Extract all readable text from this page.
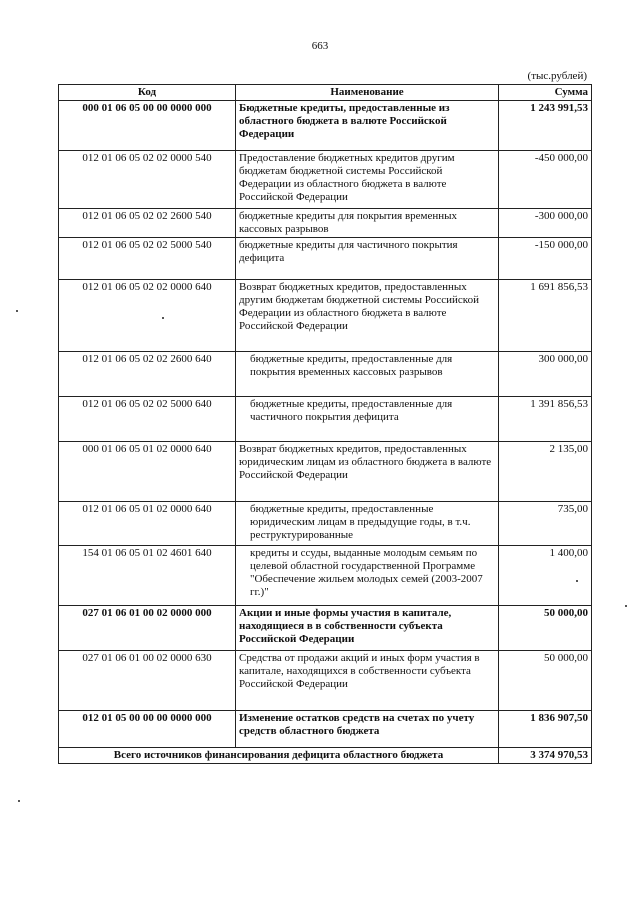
663
(тыс.рублей)
Код	Наименование	Сумма
000 01 06 05 00 00 0000 000	Бюджетные кредиты, предоставленные из областного бюджета в валюте Российской Федерации	1 243 991,53
012 01 06 05 02 02 0000 540	Предоставление бюджетных кредитов другим бюджетам бюджетной системы Российской Федерации из областного бюджета в валюте Российской Федерации	-450 000,00
012 01 06 05 02 02 2600 540	бюджетные кредиты для покрытия временных кассовых разрывов	-300 000,00
012 01 06 05 02 02 5000 540	бюджетные кредиты для частичного покрытия дефицита	-150 000,00
012 01 06 05 02 02 0000 640	Возврат бюджетных кредитов, предоставленных другим бюджетам бюджетной системы Российской Федерации из областного бюджета в валюте Российской Федерации	1 691 856,53
012 01 06 05 02 02 2600 640	бюджетные кредиты, предоставленные для покрытия временных кассовых разрывов	300 000,00
012 01 06 05 02 02 5000 640	бюджетные кредиты, предоставленные для частичного покрытия дефицита	1 391 856,53
000 01 06 05 01 02 0000 640	Возврат бюджетных кредитов, предоставленных юридическим лицам из областного бюджета в валюте Российской Федерации	2 135,00
012 01 06 05 01 02 0000 640	бюджетные кредиты, предоставленные юридическим лицам в предыдущие годы, в т.ч. реструктурированные	735,00
154 01 06 05 01 02 4601 640	кредиты и ссуды, выданные молодым семьям по целевой областной государственной Программе "Обеспечение жильем молодых семей (2003-2007 гг.)"	1 400,00
027 01 06 01 00 02 0000 000	Акции и иные формы участия в капитале, находящиеся в в собственности субъекта Российской Федерации	50 000,00
027 01 06 01 00 02 0000 630	Средства от продажи акций и иных форм участия в капитале, находящихся в собственности субъекта Российской Федерации	50 000,00
012 01 05 00 00 00 0000 000	Изменение остатков средств на счетах по учету средств областного бюджета	1 836 907,50
Всего источников финансирования дефицита областного бюджета		3 374 970,53
